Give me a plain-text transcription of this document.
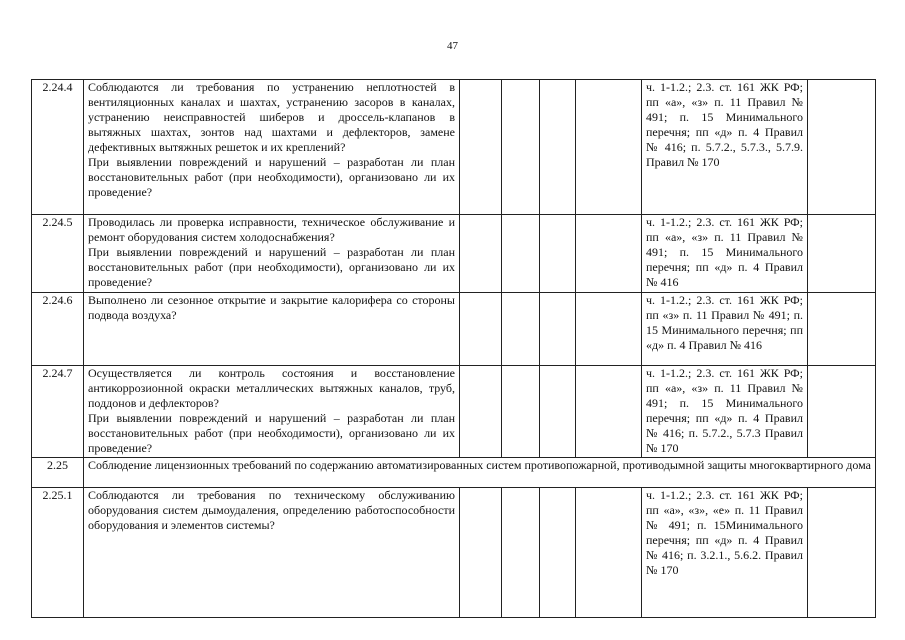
47
2.24.4	Соблюдаются ли требования по устранению неплотностей в вентиляционных каналах и шахтах, устранению засоров в каналах, устранению неисправностей шиберов и дроссель-клапанов в вытяжных шахтах, зонтов над шахтами и дефлекторов, замене дефективных вытяжных решеток и их креплений?
При выявлении повреждений и нарушений – разработан ли план восстановительных работ (при необходимости), организовано ли их проведение?					ч. 1-1.2.; 2.3. ст. 161 ЖК РФ; пп «а», «з» п. 11 Правил № 491; п. 15 Минимального перечня; пп «д» п. 4 Правил № 416; п. 5.7.2., 5.7.3., 5.7.9. Правил № 170	
2.24.5	Проводилась ли проверка исправности, техническое обслуживание и ремонт оборудования систем холодоснабжения?
При выявлении повреждений и нарушений – разработан ли план восстановительных работ (при необходимости), организовано ли их проведение?					ч. 1-1.2.; 2.3. ст. 161 ЖК РФ; пп «а», «з» п. 11 Правил № 491; п. 15 Минимального перечня; пп «д» п. 4 Правил № 416	
2.24.6	Выполнено ли сезонное открытие и закрытие калорифера со стороны подвода воздуха?					ч. 1-1.2.; 2.3. ст. 161 ЖК РФ; пп «з» п. 11 Правил № 491; п. 15 Минимального перечня; пп «д» п. 4 Правил № 416	
2.24.7	Осуществляется ли контроль состояния и восстановление антикоррозионной окраски металлических вытяжных каналов, труб, поддонов и дефлекторов?
При выявлении повреждений и нарушений – разработан ли план восстановительных работ (при необходимости), организовано ли их проведение?					ч. 1-1.2.; 2.3. ст. 161 ЖК РФ; пп «а», «з» п. 11 Правил № 491; п. 15 Минимального перечня; пп «д» п. 4 Правил № 416; п. 5.7.2., 5.7.3 Правил № 170	
2.25	Соблюдение лицензионных требований по содержанию автоматизированных систем противопожарной, противодымной защиты многоквартирного дома						
2.25.1	Соблюдаются ли требования по техническому обслуживанию оборудования систем дымоудаления, определению работоспособности оборудования и элементов системы?					ч. 1-1.2.; 2.3. ст. 161 ЖК РФ; пп «а», «з», «е» п. 11 Правил № 491; п. 15Минимального перечня; пп «д» п. 4 Правил № 416; п. 3.2.1., 5.6.2. Правил № 170	
